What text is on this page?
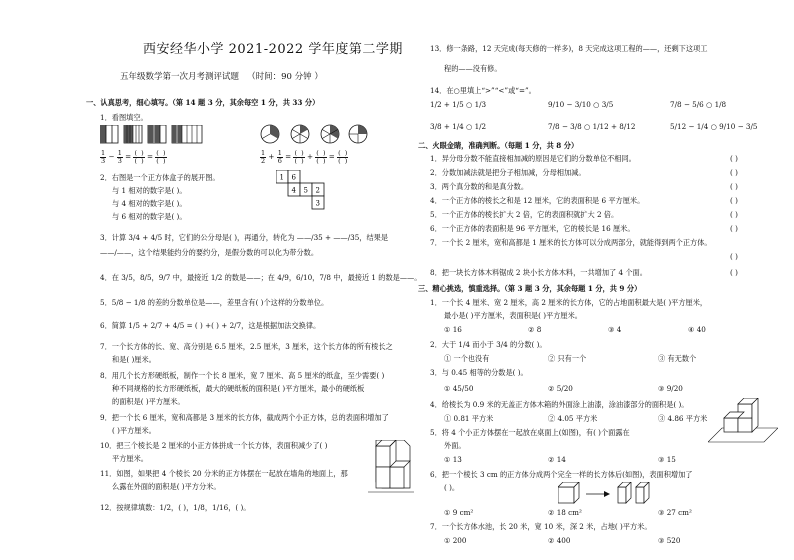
西安经华小学 2021-2022 学年度第二学期
五年级数学第一次月考测评试题 （时间：90 分钟 ）
一、认真思考，细心填写。（第 14 题 3 分，其余每空 1 分，共 33 分）
1．看图填空。
$\frac{1}{3} - \frac{1}{3} = \frac{( )}{( )} = \frac{( )}{( )}$	$\frac{1}{2} + \frac{1}{6} = \frac{( )}{( )} + \frac{( )}{( )} = \frac{( )}{( )}$
2．右图是一个正方体盒子的展开图。
与 1 相对的数字是( )。
与 4 相对的数字是( )。
与 6 相对的数字是( )。
1 6
4 5 2
3
3．计算 3/4 + 4/5 时，它们的公分母是( )，再通分，转化为 ——/35 + ——/35，结果是
——/——，这个结果能约分的要约分，是假分数的可以化为带分数。
4．在 3/5，8/5，9/7 中，最接近 1/2 的数是——；在 4/9，6/10，7/8 中，最接近 1 的数是——。
5．5/8 − 1/8 的差的分数单位是——，差里含有( )个这样的分数单位。
6．简算 1/5 + 2/7 + 4/5 = ( ) +( ) + 2/7，这是根据加法交换律。
7．一个长方体的长、宽、高分别是 6.5 厘米，2.5 厘米，3 厘米，这个长方体的所有棱长之
和是( )厘米。
8．用几个长方形硬纸板，制作一个长 8 厘米，宽 7 厘米、高 5 厘米的纸盒，至少需要( )
种不同规格的长方形硬纸板，最大的硬纸板的面积是( )平方厘米，最小的硬纸板
的面积是( )平方厘米。
9．把一个长 6 厘米，宽和高都是 3 厘米的长方体，截成两个小正方体，总的表面积增加了
( )平方厘米。
10．把三个棱长是 2 厘米的小正方体拼成一个长方体，表面积减少了( )
平方厘米。
11．如图，如果把 4 个棱长 20 分米的正方体摆在一起放在墙角的地面上，那
么露在外面的面积是( )平方分米。
12．按规律填数：1/2，( )，1/8，1/16，( )。
13．修一条路，12 天完成(每天修的一样多)，8 天完成这项工程的——，还剩下这项工
程的——没有修。
14．在○里填上“>”“<”或“=”。
1/2 + 1/5 ○ 1/3	9/10 − 3/10 ○ 3/5	7/8 − 5/6 ○ 1/8
3/8 + 1/4 ○ 1/2	7/8 − 3/8 ○ 1/12 + 8/12	5/12 − 1/4 ○ 9/10 − 3/5
二、火眼金睛，准确判断。（每题 1 分，共 8 分）
1．异分母分数不能直接相加减的原因是它们的分数单位不相同。	( )
2．分数加减法就是把分子相加减，分母相加减。	( )
3．两个真分数的和是真分数。	( )
4．一个正方体的棱长之和是 12 厘米，它的表面积是 6 平方厘米。	( )
5．一个正方体的棱长扩大 2 倍，它的表面积就扩大 2 倍。	( )
6．一个正方体的表面积是 96 平方厘米，它的棱长是 16 厘米。	( )
7．一个长 2 厘米，宽和高都是 1 厘米的长方体可以分成两部分，就能得到两个正方体。
( )
8．把一块长方体木料锯成 2 块小长方体木料，一共增加了 4 个面。	( )
三、精心挑选，慎重选择。（第 3 题 3 分，其余每题 1 分，共 9 分）
1．一个长 4 厘米、宽 2 厘米，高 2 厘米的长方体，它的占地面积最大是( )平方厘米，
最小是( )平方厘米，表面积是( )平方厘米。
① 16	② 8	③ 4	④ 40
2．大于 1/4 而小于 3/4 的分数( )。
① 一个也没有	② 只有一个	③ 有无数个
3．与 0.45 相等的分数是( )。
① 45/50	② 5/20	③ 9/20
4．给棱长为 0.9 米的无盖正方体木箱的外面涂上油漆，涂油漆部分的面积是( )。
① 0.81 平方米	② 4.05 平方米	③ 4.86 平方米
5．将 4 个小正方体摆在一起放在桌面上(如图)，有( )个面露在
外面。
① 13	② 14	③ 15
6．把一个棱长 3 cm 的正方体分成两个完全一样的长方体后(如图)，表面积增加了
( )。
① 9 cm²	② 18 cm²	③ 27 cm²
7．一个长方体水池，长 20 米，宽 10 米，深 2 米，占地( )平方米。
① 200	② 400	③ 520
